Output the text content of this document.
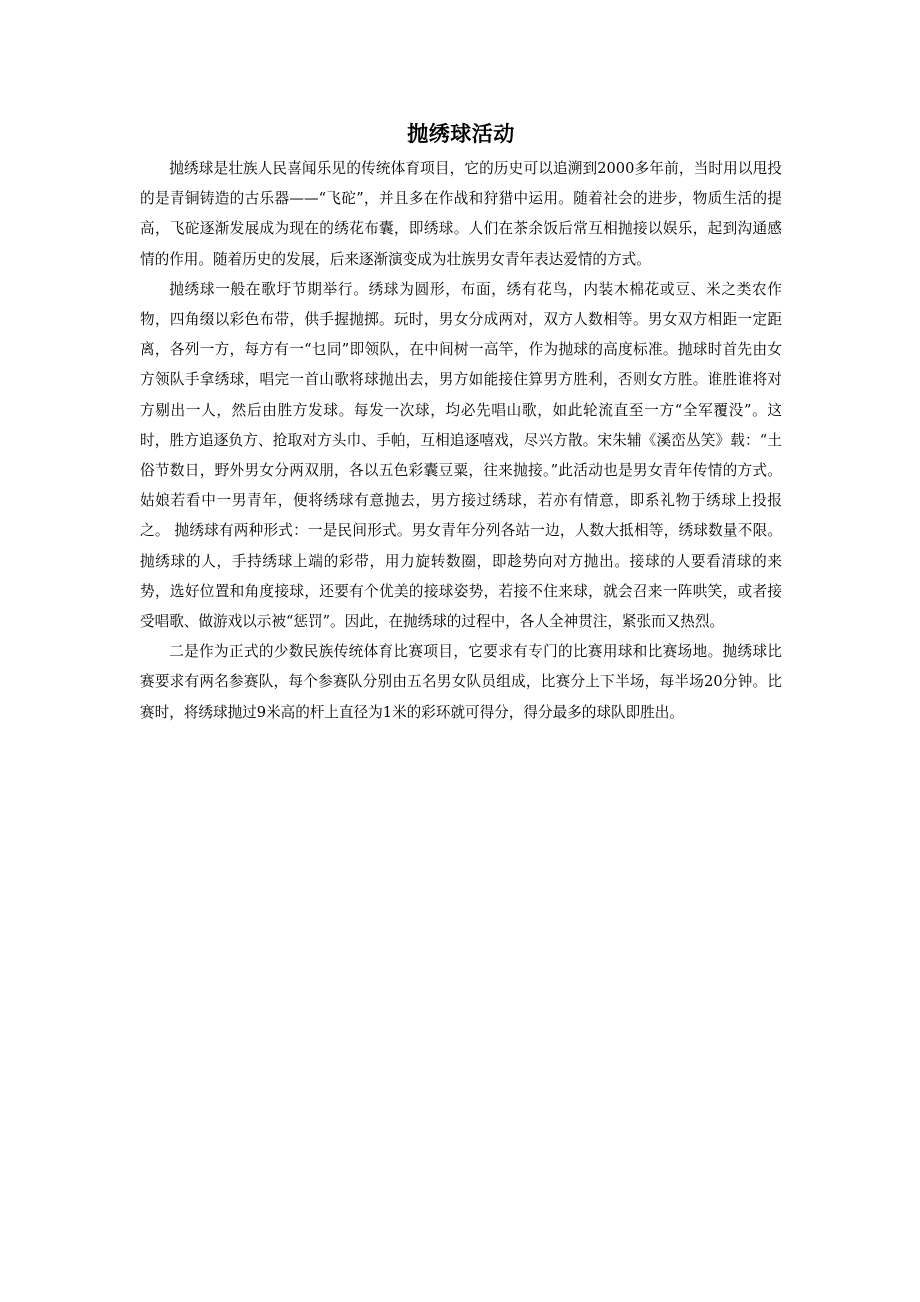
抛绣球活动

抛绣球是壮族人民喜闻乐见的传统体育项目，它的历史可以追溯到2000多年前，当时用以甩投的是青铜铸造的古乐器——“飞砣”，并且多在作战和狩猎中运用。随着社会的进步，物质生活的提高，飞砣逐渐发展成为现在的绣花布囊，即绣球。人们在茶余饭后常互相抛接以娱乐，起到沟通感情的作用。随着历史的发展，后来逐渐演变成为壮族男女青年表达爱情的方式。

抛绣球一般在歌圩节期举行。绣球为圆形，布面，绣有花鸟，内装木棉花或豆、米之类农作物，四角缀以彩色布带，供手握抛掷。玩时，男女分成两对，双方人数相等。男女双方相距一定距离，各列一方，每方有一“乜同”即领队，在中间树一高竿，作为抛球的高度标准。抛球时首先由女方领队手拿绣球，唱完一首山歌将球抛出去，男方如能接住算男方胜利，否则女方胜。谁胜谁将对方剔出一人，然后由胜方发球。每发一次球，均必先唱山歌，如此轮流直至一方“全军覆没”。这时，胜方追逐负方、抢取对方头巾、手帕，互相追逐嘻戏，尽兴方散。宋朱辅《溪峦丛笑》载：“土俗节数日，野外男女分两双朋，各以五色彩囊豆粟，往来抛接。”此活动也是男女青年传情的方式。姑娘若看中一男青年，便将绣球有意抛去，男方接过绣球，若亦有情意，即系礼物于绣球上投报之。 抛绣球有两种形式：一是民间形式。男女青年分列各站一边，人数大抵相等，绣球数量不限。抛绣球的人，手持绣球上端的彩带，用力旋转数圈，即趁势向对方抛出。接球的人要看清球的来势，选好位置和角度接球，还要有个优美的接球姿势，若接不住来球，就会召来一阵哄笑，或者接受唱歌、做游戏以示被“惩罚”。因此，在抛绣球的过程中，各人全神贯注，紧张而又热烈。

二是作为正式的少数民族传统体育比赛项目，它要求有专门的比赛用球和比赛场地。抛绣球比赛要求有两名参赛队，每个参赛队分别由五名男女队员组成，比赛分上下半场，每半场20分钟。比赛时，将绣球抛过9米高的杆上直径为1米的彩环就可得分，得分最多的球队即胜出。
